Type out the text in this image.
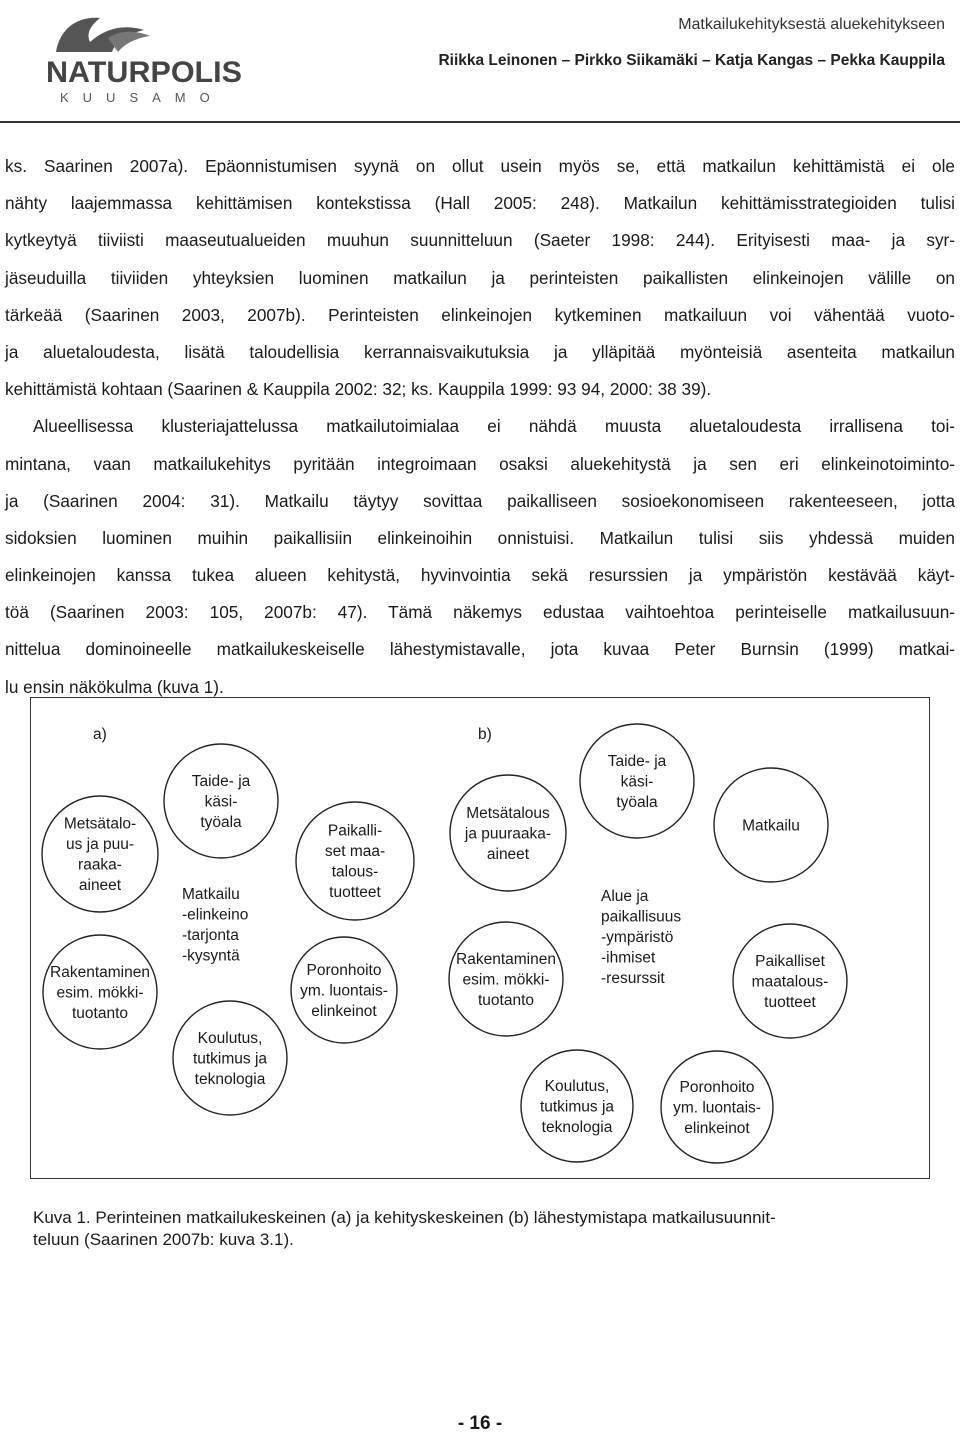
NATURPOLIS
KUUSAMO
Matkailukehityksestä aluekehitykseen
Riikka Leinonen – Pirkko Siikamäki – Katja Kangas – Pekka Kauppila
ks. Saarinen 2007a). Epäonnistumisen syynä on ollut usein myös se, että matkailun kehittämistä ei ole
nähty laajemmassa kehittämisen kontekstissa (Hall 2005: 248). Matkailun kehittämisstrategioiden tulisi
kytkeytyä tiiviisti maaseutualueiden muuhun suunnitteluun (Saeter 1998: 244). Erityisesti maa- ja syr-
jäseuduilla tiiviiden yhteyksien luominen matkailun ja perinteisten paikallisten elinkeinojen välille on
tärkeää (Saarinen 2003, 2007b). Perinteisten elinkeinojen kytkeminen matkailuun voi vähentää vuoto-
ja aluetaloudesta, lisätä taloudellisia kerrannaisvaikutuksia ja ylläpitää myönteisiä asenteita matkailun
kehittämistä kohtaan (Saarinen & Kauppila 2002: 32; ks. Kauppila 1999: 93 94, 2000: 38 39).
Alueellisessa klusteriajattelussa matkailutoimialaa ei nähdä muusta aluetaloudesta irrallisena toi-
mintana, vaan matkailukehitys pyritään integroimaan osaksi aluekehitystä ja sen eri elinkeinotoiminto-
ja (Saarinen 2004: 31). Matkailu täytyy sovittaa paikalliseen sosioekonomiseen rakenteeseen, jotta
sidoksien luominen muihin paikallisiin elinkeinoihin onnistuisi. Matkailun tulisi siis yhdessä muiden
elinkeinojen kanssa tukea alueen kehitystä, hyvinvointia sekä resurssien ja ympäristön kestävää käyt-
töä (Saarinen 2003: 105, 2007b: 47). Tämä näkemys edustaa vaihtoehtoa perinteiselle matkailusuun-
nittelua dominoineelle matkailukeskeiselle lähestymistavalle, jota kuvaa Peter Burnsin (1999) matkai-
lu ensin näkökulma (kuva 1).
a)
Metsätalo-us ja puu-raaka-aineet
Taide- ja käsi-työala
Paikalli-set maa-talous-tuotteet
Poronhoito ym. luontais-elinkeinot
Koulutus, tutkimus ja teknologia
Rakentaminen esim. mökki-tuotanto
Matkailu -elinkeino -tarjonta -kysyntä
b)
Metsätalous ja puuraaka-aineet
Taide- ja käsi-työala
Matkailu
Paikalliset maatalous-tuotteet
Poronhoito ym. luontais-elinkeinot
Koulutus, tutkimus ja teknologia
Rakentaminen esim. mökki-tuotanto
Alue ja paikallisuus -ympäristö -ihmiset -resurssit
Kuva 1. Perinteinen matkailukeskeinen (a) ja kehityskeskeinen (b) lähestymistapa matkailusuunnit-
teluun (Saarinen 2007b: kuva 3.1).
- 16 -
